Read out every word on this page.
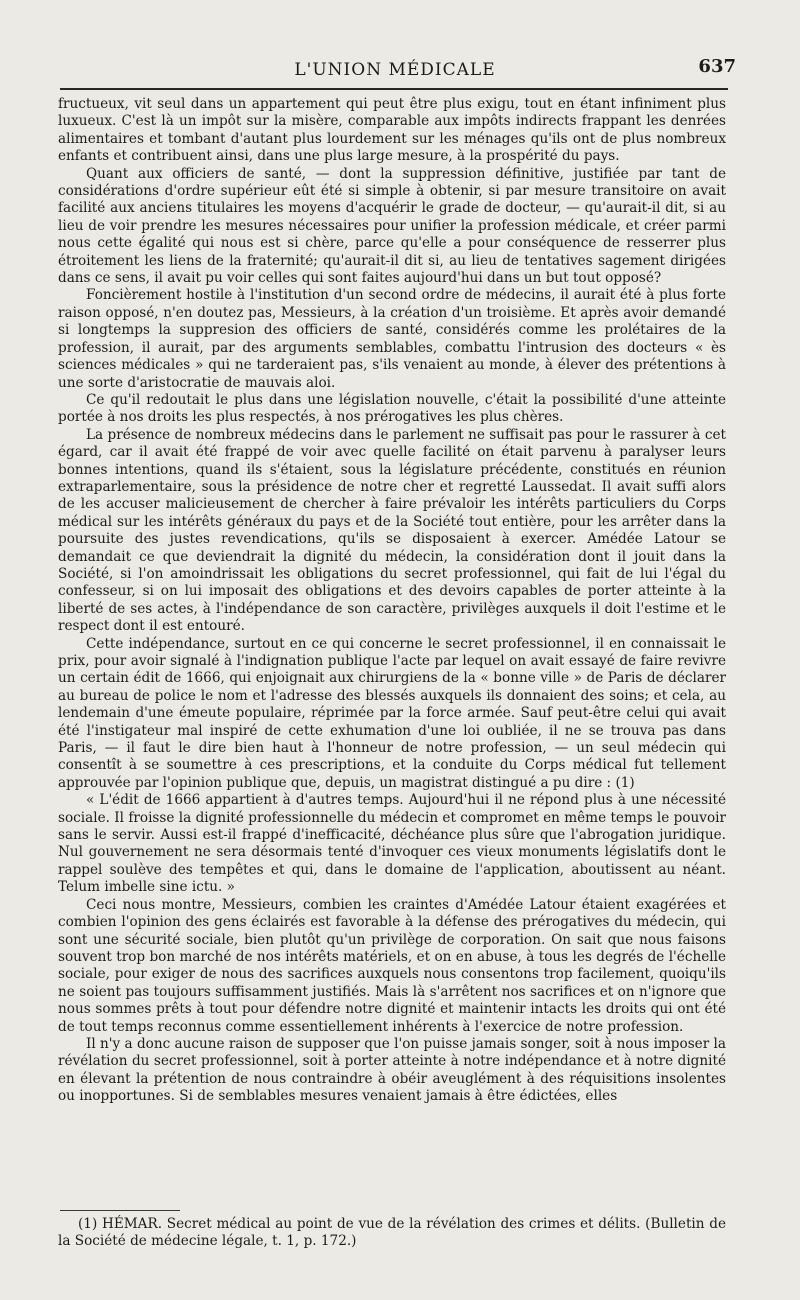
L'UNION MÉDICALE	637

fructueux, vit seul dans un appartement qui peut être plus exigu, tout en étant infiniment plus luxueux. C'est là un impôt sur la misère, comparable aux impôts indirects frappant les denrées alimentaires et tombant d'autant plus lourdement sur les ménages qu'ils ont de plus nombreux enfants et contribuent ainsi, dans une plus large mesure, à la prospérité du pays.

Quant aux officiers de santé, — dont la suppression définitive, justifiée par tant de considérations d'ordre supérieur eût été si simple à obtenir, si par mesure transitoire on avait facilité aux anciens titulaires les moyens d'acquérir le grade de docteur, — qu'aurait-il dit, si au lieu de voir prendre les mesures nécessaires pour unifier la profession médicale, et créer parmi nous cette égalité qui nous est si chère, parce qu'elle a pour conséquence de resserrer plus étroitement les liens de la fraternité; qu'aurait-il dit si, au lieu de tentatives sagement dirigées dans ce sens, il avait pu voir celles qui sont faites aujourd'hui dans un but tout opposé?

Foncièrement hostile à l'institution d'un second ordre de médecins, il aurait été à plus forte raison opposé, n'en doutez pas, Messieurs, à la création d'un troisième. Et après avoir demandé si longtemps la suppresion des officiers de santé, considérés comme les prolétaires de la profession, il aurait, par des arguments semblables, combattu l'intrusion des docteurs « ès sciences médicales » qui ne tarderaient pas, s'ils venaient au monde, à élever des prétentions à une sorte d'aristocratie de mauvais aloi.

Ce qu'il redoutait le plus dans une législation nouvelle, c'était la possibilité d'une atteinte portée à nos droits les plus respectés, à nos prérogatives les plus chères.

La présence de nombreux médecins dans le parlement ne suffisait pas pour le rassurer à cet égard, car il avait été frappé de voir avec quelle facilité on était parvenu à paralyser leurs bonnes intentions, quand ils s'étaient, sous la législature précédente, constitués en réunion extraparlementaire, sous la présidence de notre cher et regretté Laussedat. Il avait suffi alors de les accuser malicieusement de chercher à faire prévaloir les intérêts particuliers du Corps médical sur les intérêts généraux du pays et de la Société tout entière, pour les arrêter dans la poursuite des justes revendications, qu'ils se disposaient à exercer. Amédée Latour se demandait ce que deviendrait la dignité du médecin, la considération dont il jouit dans la Société, si l'on amoindrissait les obligations du secret professionnel, qui fait de lui l'égal du confesseur, si on lui imposait des obligations et des devoirs capables de porter atteinte à la liberté de ses actes, à l'indépendance de son caractère, privilèges auxquels il doit l'estime et le respect dont il est entouré.

Cette indépendance, surtout en ce qui concerne le secret professionnel, il en connaissait le prix, pour avoir signalé à l'indignation publique l'acte par lequel on avait essayé de faire revivre un certain édit de 1666, qui enjoignait aux chirurgiens de la « bonne ville » de Paris de déclarer au bureau de police le nom et l'adresse des blessés auxquels ils donnaient des soins; et cela, au lendemain d'une émeute populaire, réprimée par la force armée. Sauf peut-être celui qui avait été l'instigateur mal inspiré de cette exhumation d'une loi oubliée, il ne se trouva pas dans Paris, — il faut le dire bien haut à l'honneur de notre profession, — un seul médecin qui consentît à se soumettre à ces prescriptions, et la conduite du Corps médical fut tellement approuvée par l'opinion publique que, depuis, un magistrat distingué a pu dire : (1)

« L'édit de 1666 appartient à d'autres temps. Aujourd'hui il ne répond plus à une nécessité sociale. Il froisse la dignité professionnelle du médecin et compromet en même temps le pouvoir sans le servir. Aussi est-il frappé d'inefficacité, déchéance plus sûre que l'abrogation juridique. Nul gouvernement ne sera désormais tenté d'invoquer ces vieux monuments législatifs dont le rappel soulève des tempêtes et qui, dans le domaine de l'application, aboutissent au néant. Telum imbelle sine ictu. »

Ceci nous montre, Messieurs, combien les craintes d'Amédée Latour étaient exagérées et combien l'opinion des gens éclairés est favorable à la défense des prérogatives du médecin, qui sont une sécurité sociale, bien plutôt qu'un privilège de corporation. On sait que nous faisons souvent trop bon marché de nos intérêts matériels, et on en abuse, à tous les degrés de l'échelle sociale, pour exiger de nous des sacrifices auxquels nous consentons trop facilement, quoiqu'ils ne soient pas toujours suffisamment justifiés. Mais là s'arrêtent nos sacrifices et on n'ignore que nous sommes prêts à tout pour défendre notre dignité et maintenir intacts les droits qui ont été de tout temps reconnus comme essentiellement inhérents à l'exercice de notre profession.

Il n'y a donc aucune raison de supposer que l'on puisse jamais songer, soit à nous imposer la révélation du secret professionnel, soit à porter atteinte à notre indépendance et à notre dignité en élevant la prétention de nous contraindre à obéir aveuglément à des réquisitions insolentes ou inopportunes. Si de semblables mesures venaient jamais à être édictées, elles

(1) HÉMAR. Secret médical au point de vue de la révélation des crimes et délits. (Bulletin de la Société de médecine légale, t. 1, p. 172.)
